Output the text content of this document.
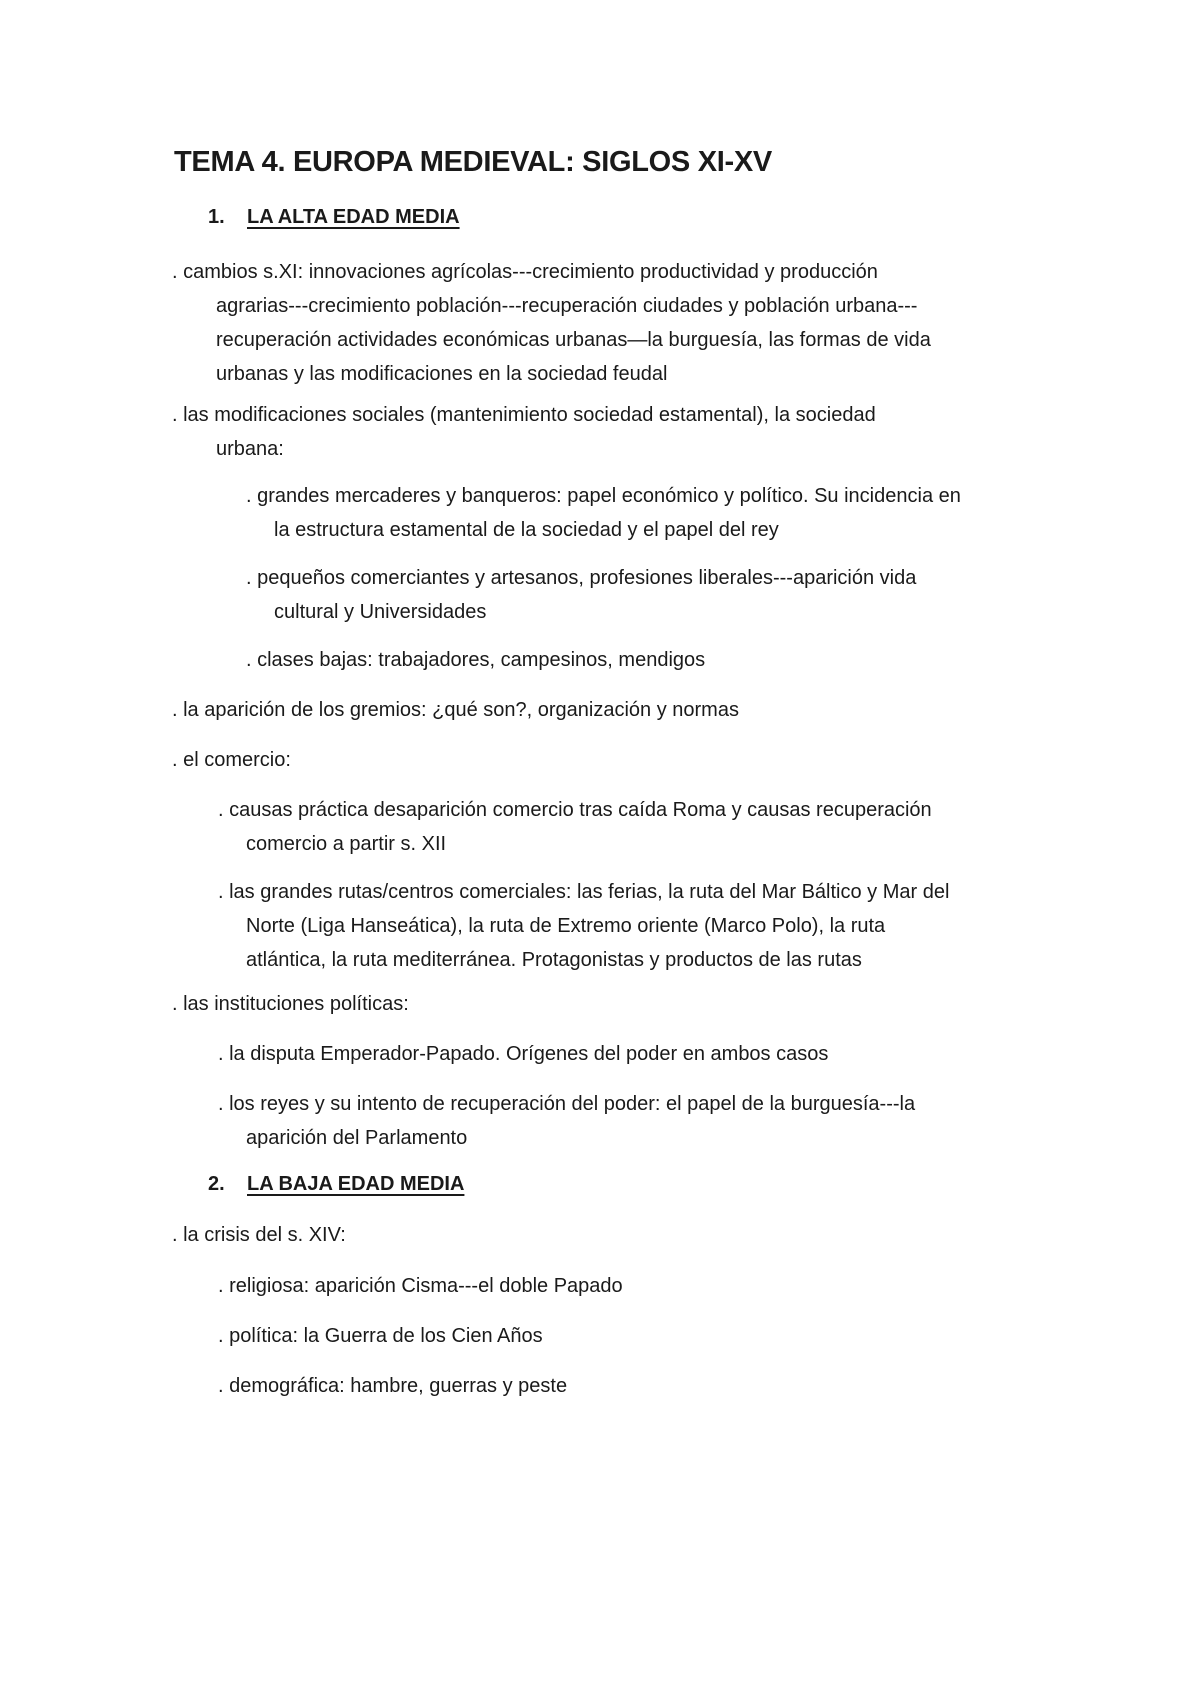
TEMA 4. EUROPA MEDIEVAL: SIGLOS XI-XV
1. LA ALTA EDAD MEDIA
. cambios s.XI: innovaciones agrícolas---crecimiento productividad y producción
agrarias---crecimiento población---recuperación ciudades y población urbana---
recuperación actividades económicas urbanas—la burguesía, las formas de vida
urbanas y las modificaciones en la sociedad feudal
. las modificaciones sociales (mantenimiento sociedad estamental), la sociedad
urbana:
. grandes mercaderes y banqueros: papel económico y político. Su incidencia en
la estructura estamental de la sociedad y el papel del rey
. pequeños comerciantes y artesanos, profesiones liberales---aparición vida
cultural y Universidades
. clases bajas: trabajadores, campesinos, mendigos
. la aparición de los gremios: ¿qué son?, organización y normas
. el comercio:
. causas práctica desaparición comercio tras caída Roma y causas recuperación
comercio a partir s. XII
. las grandes rutas/centros comerciales: las ferias, la ruta del Mar Báltico y Mar del
Norte (Liga Hanseática), la ruta de Extremo oriente (Marco Polo), la ruta
atlántica, la ruta mediterránea. Protagonistas y productos de las rutas
. las instituciones políticas:
. la disputa Emperador-Papado. Orígenes del poder en ambos casos
. los reyes y su intento de recuperación del poder: el papel de la burguesía---la
aparición del Parlamento
2. LA BAJA EDAD MEDIA
. la crisis del s. XIV:
. religiosa: aparición Cisma---el doble Papado
. política: la Guerra de los Cien Años
. demográfica: hambre, guerras y peste
